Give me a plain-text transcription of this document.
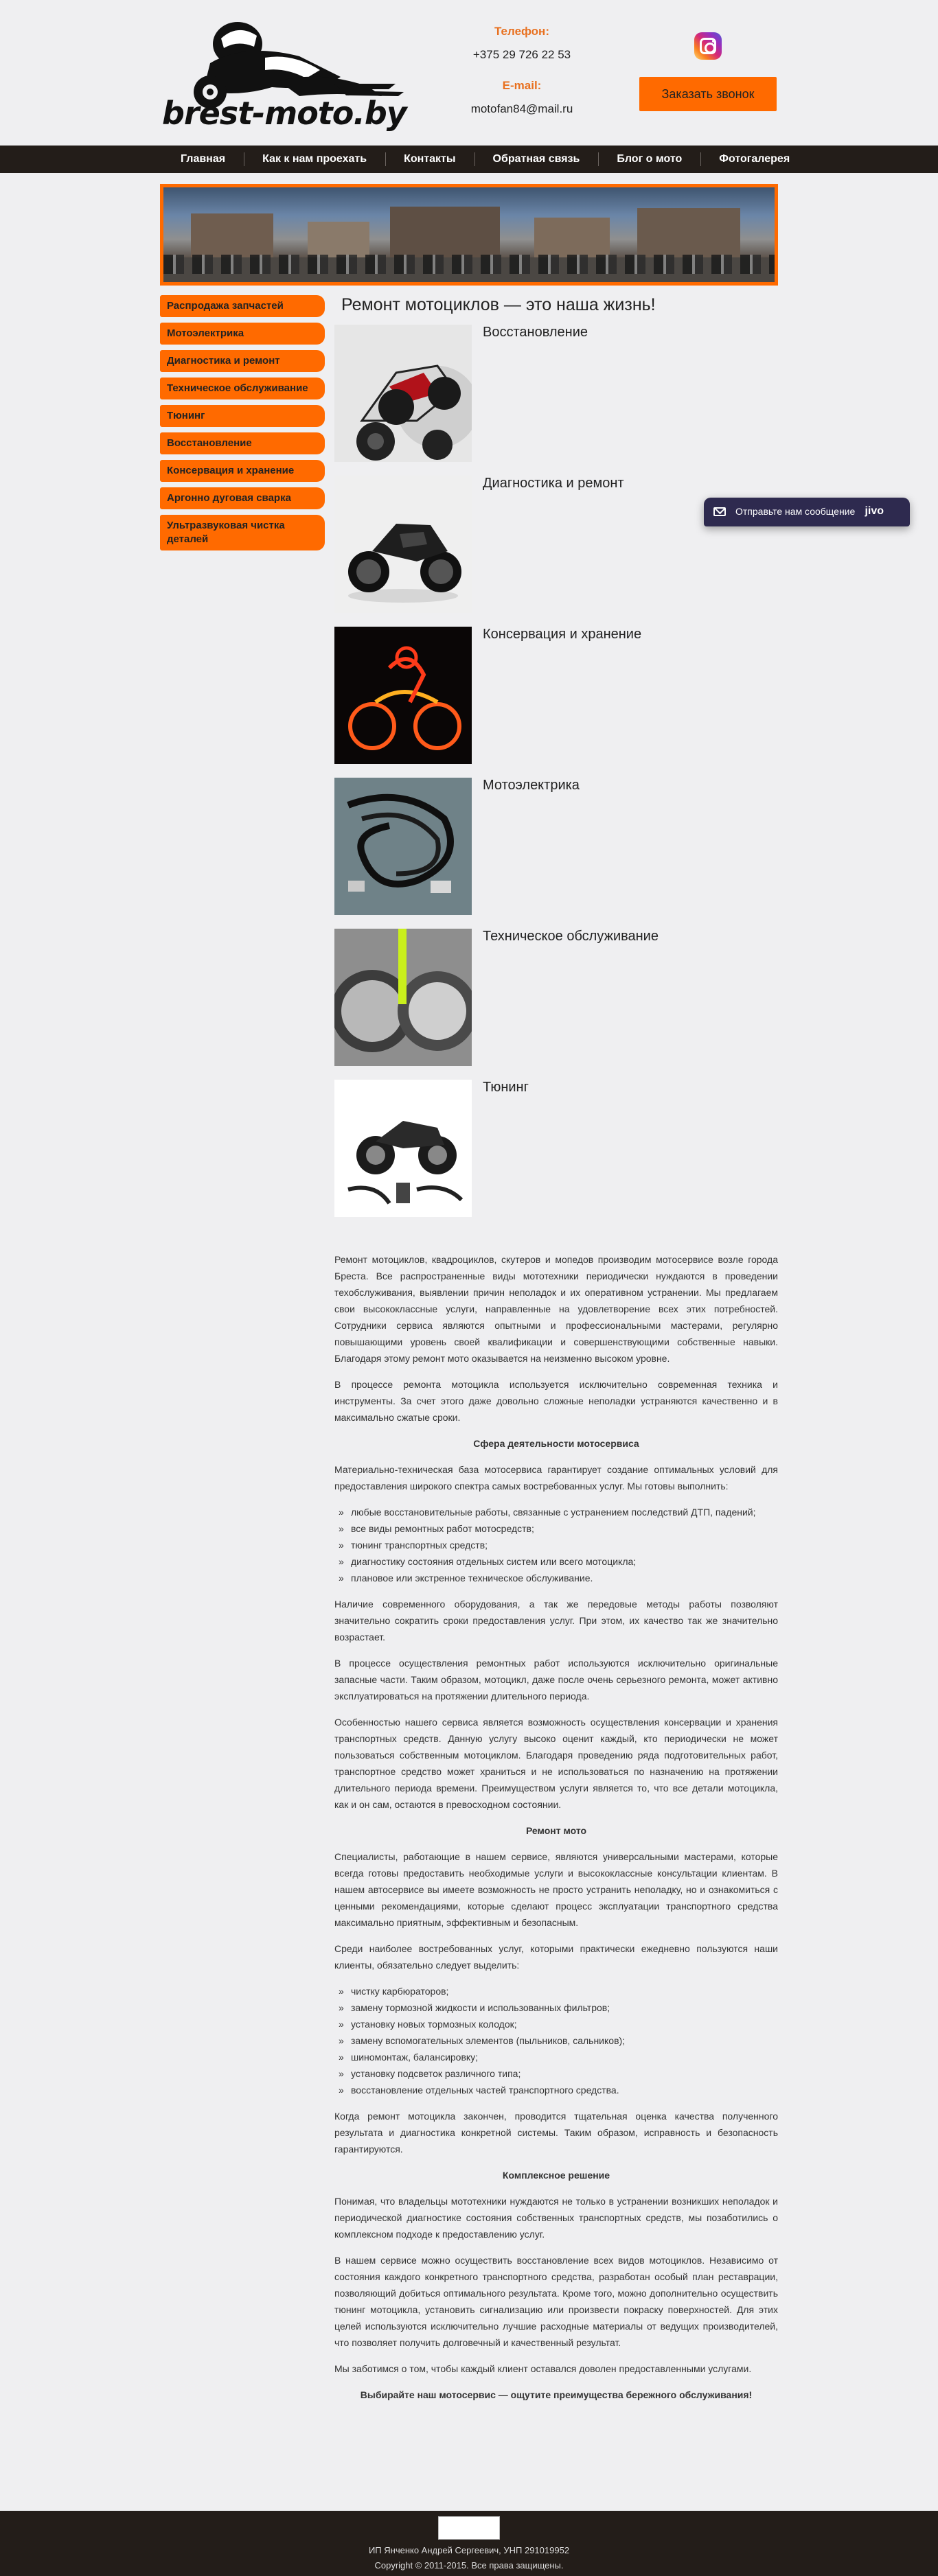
brest-moto.by
Телефон:
+375 29 726 22 53
E-mail:
motofan84@mail.ru
Заказать звонок
Главная	Как к нам проехать	Контакты	Обратная связь	Блог о мото	Фотогалерея
Распродажа запчастей
Мотоэлектрика
Диагностика и ремонт
Техническое обслуживание
Тюнинг
Восстановление
Консервация и хранение
Аргонно дуговая сварка
Ультразвуковая чистка деталей
Ремонт мотоциклов — это наша жизнь!
Восстановление
Диагностика и ремонт
Консервация и хранение
Мотоэлектрика
Техническое обслуживание
Тюнинг

Ремонт мотоциклов, квадроциклов, скутеров и мопедов производим мотосервисе возле города Бреста. Все распространенные виды мототехники периодически нуждаются в проведении техобслуживания, выявлении причин неполадок и их оперативном устранении. Мы предлагаем свои высококлассные услуги, направленные на удовлетворение всех этих потребностей. Сотрудники сервиса являются опытными и профессиональными мастерами, регулярно повышающими уровень своей квалификации и совершенствующими собственные навыки. Благодаря этому ремонт мото оказывается на неизменно высоком уровне.

В процессе ремонта мотоцикла используется исключительно современная техника и инструменты. За счет этого даже довольно сложные неполадки устраняются качественно и в максимально сжатые сроки.

Сфера деятельности мотосервиса

Материально-техническая база мотосервиса гарантирует создание оптимальных условий для предоставления широкого спектра самых востребованных услуг. Мы готовы выполнить:

» любые восстановительные работы, связанные с устранением последствий ДТП, падений;
» все виды ремонтных работ мотосредств;
» тюнинг транспортных средств;
» диагностику состояния отдельных систем или всего мотоцикла;
» плановое или экстренное техническое обслуживание.

Наличие современного оборудования, а так же передовые методы работы позволяют значительно сократить сроки предоставления услуг. При этом, их качество так же значительно возрастает.

В процессе осуществления ремонтных работ используются исключительно оригинальные запасные части. Таким образом, мотоцикл, даже после очень серьезного ремонта, может активно эксплуатироваться на протяжении длительного периода.

Особенностью нашего сервиса является возможность осуществления консервации и хранения транспортных средств. Данную услугу высоко оценит каждый, кто периодически не может пользоваться собственным мотоциклом. Благодаря проведению ряда подготовительных работ, транспортное средство может храниться и не использоваться по назначению на протяжении длительного периода времени. Преимуществом услуги является то, что все детали мотоцикла, как и он сам, остаются в превосходном состоянии.

Ремонт мото

Специалисты, работающие в нашем сервисе, являются универсальными мастерами, которые всегда готовы предоставить необходимые услуги и высококлассные консультации клиентам. В нашем автосервисе вы имеете возможность не просто устранить неполадку, но и ознакомиться с ценными рекомендациями, которые сделают процесс эксплуатации транспортного средства максимально приятным, эффективным и безопасным.

Среди наиболее востребованных услуг, которыми практически ежедневно пользуются наши клиенты, обязательно следует выделить:

» чистку карбюраторов;
» замену тормозной жидкости и использованных фильтров;
» установку новых тормозных колодок;
» замену вспомогательных элементов (пыльников, сальников);
» шиномонтаж, балансировку;
» установку подсветок различного типа;
» восстановление отдельных частей транспортного средства.

Когда ремонт мотоцикла закончен, проводится тщательная оценка качества полученного результата и диагностика конкретной системы. Таким образом, исправность и безопасность гарантируются.

Комплексное решение

Понимая, что владельцы мототехники нуждаются не только в устранении возникших неполадок и периодической диагностике состояния собственных транспортных средств, мы позаботились о комплексном подходе к предоставлению услуг.

В нашем сервисе можно осуществить восстановление всех видов мотоциклов. Независимо от состояния каждого конкретного транспортного средства, разработан особый план реставрации, позволяющий добиться оптимального результата. Кроме того, можно дополнительно осуществить тюнинг мотоцикла, установить сигнализацию или произвести покраску поверхностей. Для этих целей используются исключительно лучшие расходные материалы от ведущих производителей, что позволяет получить долговечный и качественный результат.

Мы заботимся о том, чтобы каждый клиент оставался доволен предоставленными услугами.

Выбирайте наш мотосервис — ощутите преимущества бережного обслуживания!

ИП Янченко Андрей Сергеевич, УНП 291019952
Copyright © 2011-2015. Все права защищены.
Отправьте нам сообщение jivo
